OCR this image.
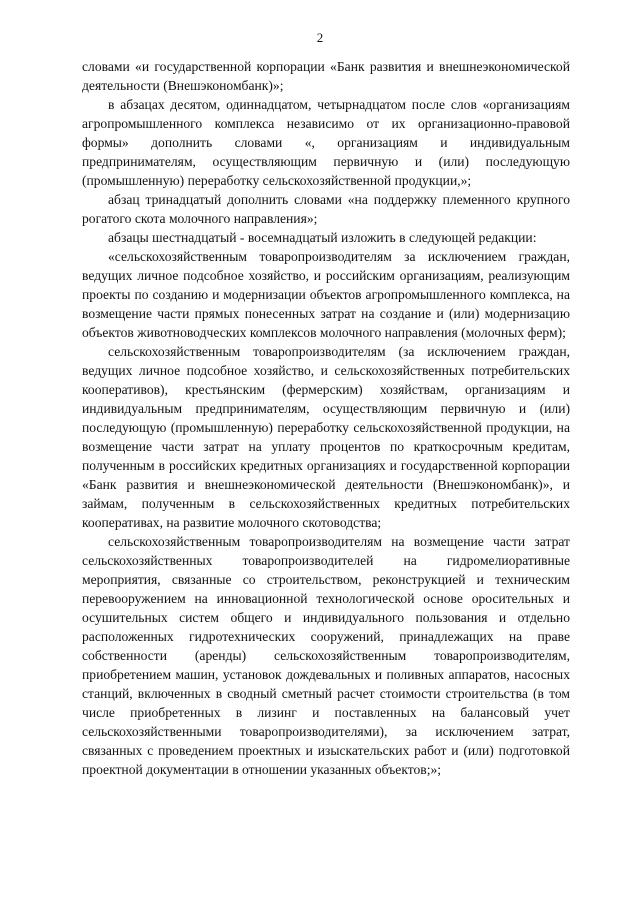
2

словами «и государственной корпорации «Банк развития и внешнеэкономической деятельности (Внешэкономбанк)»;

в абзацах десятом, одиннадцатом, четырнадцатом после слов «организациям агропромышленного комплекса независимо от их организационно-правовой формы» дополнить словами «, организациям и индивидуальным предпринимателям, осуществляющим первичную и (или) последующую (промышленную) переработку сельскохозяйственной продукции,»;

абзац тринадцатый дополнить словами «на поддержку племенного крупного рогатого скота молочного направления»;

абзацы шестнадцатый - восемнадцатый изложить в следующей редакции:

«сельскохозяйственным товаропроизводителям за исключением граждан, ведущих личное подсобное хозяйство, и российским организациям, реализующим проекты по созданию и модернизации объектов агропромышленного комплекса, на возмещение части прямых понесенных затрат на создание и (или) модернизацию объектов животноводческих комплексов молочного направления (молочных ферм);

сельскохозяйственным товаропроизводителям (за исключением граждан, ведущих личное подсобное хозяйство, и сельскохозяйственных потребительских кооперативов), крестьянским (фермерским) хозяйствам, организациям и индивидуальным предпринимателям, осуществляющим первичную и (или) последующую (промышленную) переработку сельскохозяйственной продукции, на возмещение части затрат на уплату процентов по краткосрочным кредитам, полученным в российских кредитных организациях и государственной корпорации «Банк развития и внешнеэкономической деятельности (Внешэкономбанк)», и займам, полученным в сельскохозяйственных кредитных потребительских кооперативах, на развитие молочного скотоводства;

сельскохозяйственным товаропроизводителям на возмещение части затрат сельскохозяйственных товаропроизводителей на гидромелиоративные мероприятия, связанные со строительством, реконструкцией и техническим перевооружением на инновационной технологической основе оросительных и осушительных систем общего и индивидуального пользования и отдельно расположенных гидротехнических сооружений, принадлежащих на праве собственности (аренды) сельскохозяйственным товаропроизводителям, приобретением машин, установок дождевальных и поливных аппаратов, насосных станций, включенных в сводный сметный расчет стоимости строительства (в том числе приобретенных в лизинг и поставленных на балансовый учет сельскохозяйственными товаропроизводителями), за исключением затрат, связанных с проведением проектных и изыскательских работ и (или) подготовкой проектной документации в отношении указанных объектов;»;
